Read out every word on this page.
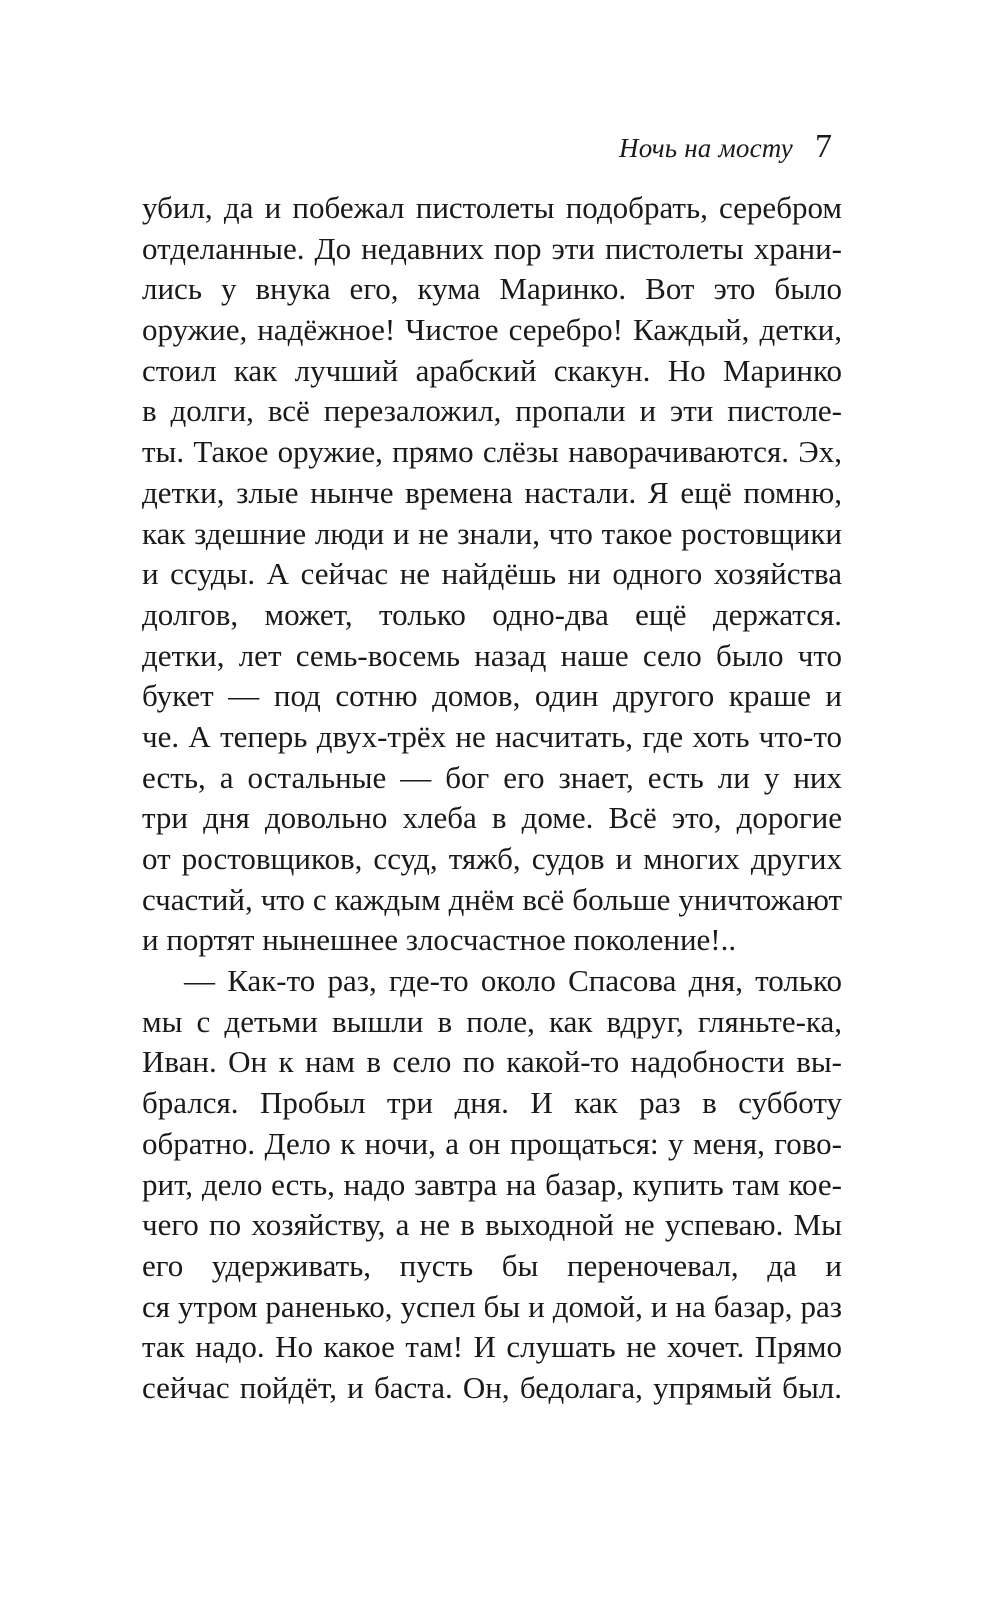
Ночь на мосту 7
убил, да и побежал пистолеты подобрать, серебром
отделанные. До недавних пор эти пистолеты храни-
лись у внука его, кума Маринко. Вот это было
оружие, надёжное! Чистое серебро! Каждый, детки,
стоил как лучший арабский скакун. Но Маринко
в долги, всё перезаложил, пропали и эти пистоле-
ты. Такое оружие, прямо слёзы наворачиваются. Эх,
детки, злые нынче времена настали. Я ещё помню,
как здешние люди и не знали, что такое ростовщики
и ссуды. А сейчас не найдёшь ни одного хозяйства
долгов, может, только одно-два ещё держатся.
детки, лет семь-восемь назад наше село было что
букет — под сотню домов, один другого краше и
че. А теперь двух-трёх не насчитать, где хоть что-то
есть, а остальные — бог его знает, есть ли у них
три дня довольно хлеба в доме. Всё это, дорогие
от ростовщиков, ссуд, тяжб, судов и многих других
счастий, что с каждым днём всё больше уничтожают
и портят нынешнее злосчастное поколение!..
— Как-то раз, где-то около Спасова дня, только
мы с детьми вышли в поле, как вдруг, гляньте-ка,
Иван. Он к нам в село по какой-то надобности вы-
брался. Пробыл три дня. И как раз в субботу
обратно. Дело к ночи, а он прощаться: у меня, гово-
рит, дело есть, надо завтра на базар, купить там кое-
чего по хозяйству, а не в выходной не успеваю. Мы
его удерживать, пусть бы переночевал, да и
ся утром раненько, успел бы и домой, и на базар, раз
так надо. Но какое там! И слушать не хочет. Прямо
сейчас пойдёт, и баста. Он, бедолага, упрямый был.
